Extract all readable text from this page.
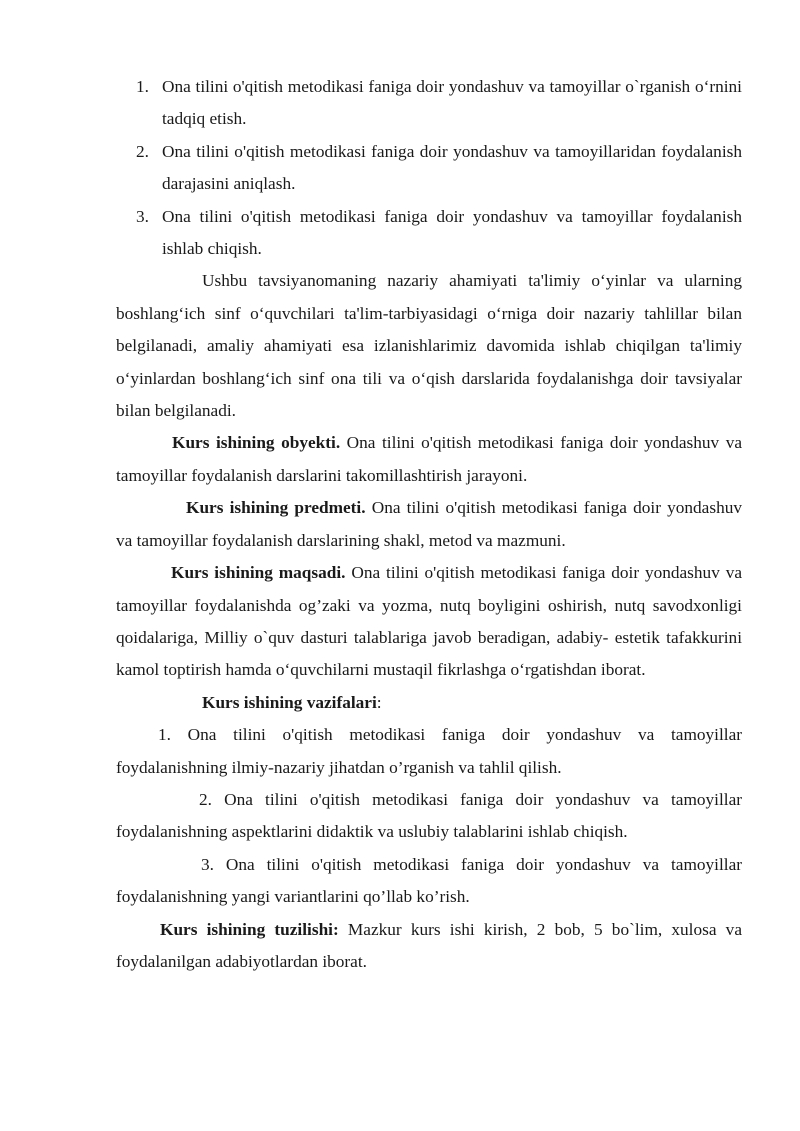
1. Ona tilini o'qitish metodikasi faniga doir yondashuv va tamoyillar o`rganish o‘rnini tadqiq etish.
2. Ona tilini o'qitish metodikasi faniga doir yondashuv va tamoyillaridan foydalanish darajasini aniqlash.
3. Ona tilini o'qitish metodikasi faniga doir yondashuv va tamoyillar foydalanish ishlab chiqish.
Ushbu tavsiyanomaning nazariy ahamiyati ta'limiy o‘yinlar va ularning boshlang‘ich sinf o‘quvchilari ta'lim-tarbiyasidagi o‘rniga doir nazariy tahlillar bilan belgilanadi, amaliy ahamiyati esa izlanishlarimiz davomida ishlab chiqilgan ta'limiy o‘yinlardan boshlang‘ich sinf ona tili va o‘qish darslarida foydalanishga doir tavsiyalar bilan belgilanadi.
Kurs ishining obyekti. Ona tilini o'qitish metodikasi faniga doir yondashuv va tamoyillar foydalanish darslarini takomillashtirish jarayoni.
Kurs ishining predmeti. Ona tilini o'qitish metodikasi faniga doir yondashuv va tamoyillar foydalanish darslarining shakl, metod va mazmuni.
Kurs ishining maqsadi. Ona tilini o'qitish metodikasi faniga doir yondashuv va tamoyillar foydalanishda og’zaki va yozma, nutq boyligini oshirish, nutq savodxonligi qoidalariga, Milliy o`quv dasturi talablariga javob beradigan, adabiy- estetik tafakkurini kamol toptirish hamda o‘quvchilarni mustaqil fikrlashga o‘rgatishdan iborat.
Kurs ishining vazifalari:
1. Ona tilini o'qitish metodikasi faniga doir yondashuv va tamoyillar foydalanishning ilmiy-nazariy jihatdan o’rganish va tahlil qilish.
2. Ona tilini o'qitish metodikasi faniga doir yondashuv va tamoyillar foydalanishning aspektlarini didaktik va uslubiy talablarini ishlab chiqish.
3. Ona tilini o'qitish metodikasi faniga doir yondashuv va tamoyillar foydalanishning yangi variantlarini qo’llab ko’rish.
Kurs ishining tuzilishi: Mazkur kurs ishi kirish, 2 bob, 5 bo`lim, xulosa va foydalanilgan adabiyotlardan iborat.
